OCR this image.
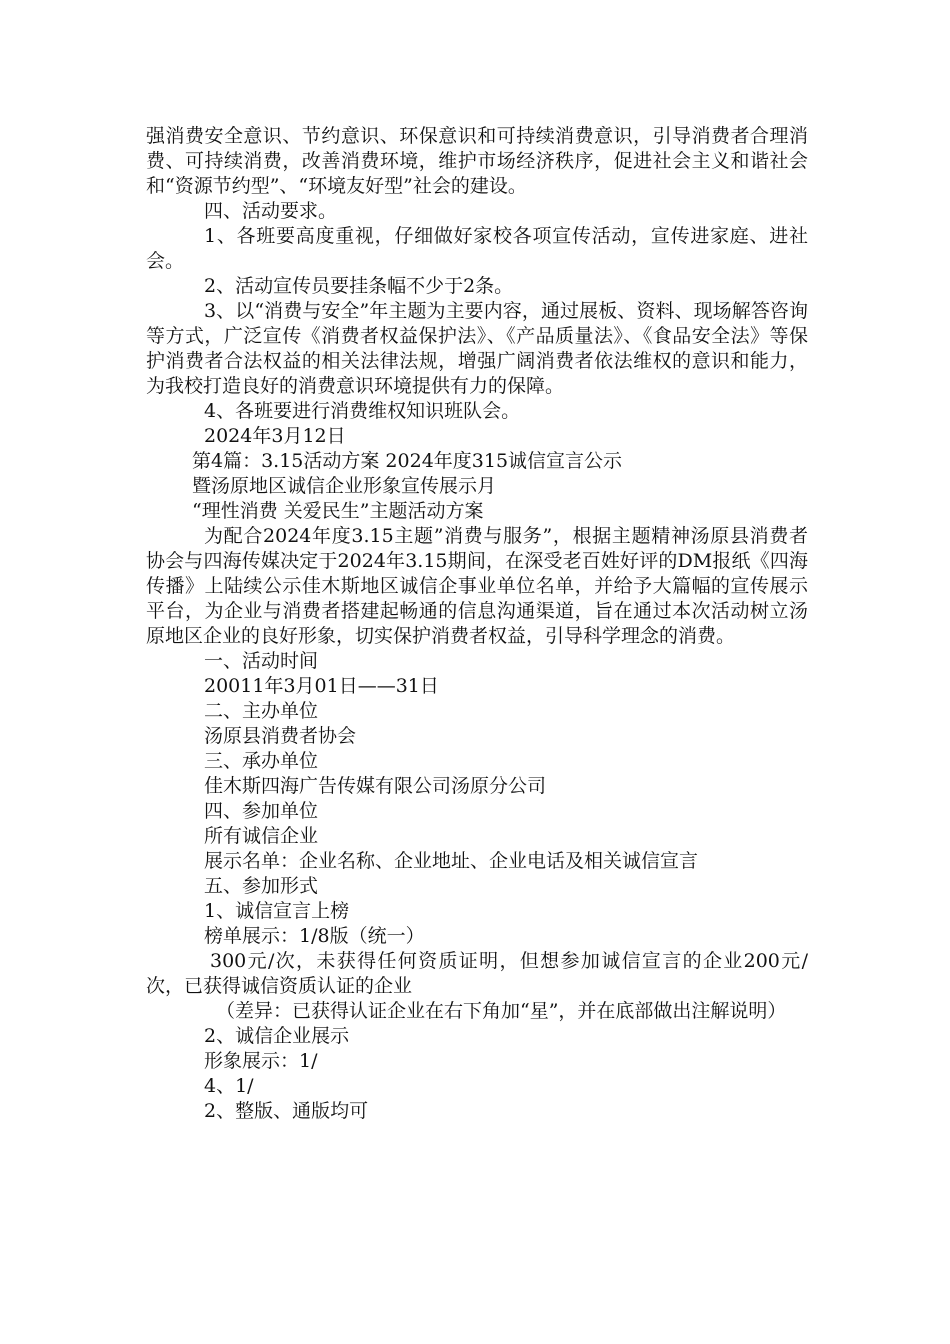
强消费安全意识、节约意识、环保意识和可持续消费意识，引导消费者合理消费、可持续消费，改善消费环境，维护市场经济秩序，促进社会主义和谐社会和“资源节约型”、“环境友好型”社会的建设。

四、活动要求。

1、各班要高度重视，仔细做好家校各项宣传活动，宣传进家庭、进社会。

2、活动宣传员要挂条幅不少于2条。

3、以“消费与安全”年主题为主要内容，通过展板、资料、现场解答咨询等方式，广泛宣传《消费者权益保护法》、《产品质量法》、《食品安全法》等保护消费者合法权益的相关法律法规，增强广阔消费者依法维权的意识和能力，为我校打造良好的消费意识环境提供有力的保障。

4、各班要进行消费维权知识班队会。

2024年3月12日

第4篇：3.15活动方案 2024年度315诚信宣言公示

暨汤原地区诚信企业形象宣传展示月

“理性消费 关爱民生”主题活动方案

为配合2024年度3.15主题”消费与服务”，根据主题精神汤原县消费者协会与四海传媒决定于2024年3.15期间，在深受老百姓好评的DM报纸《四海传播》上陆续公示佳木斯地区诚信企事业单位名单，并给予大篇幅的宣传展示平台，为企业与消费者搭建起畅通的信息沟通渠道，旨在通过本次活动树立汤原地区企业的良好形象，切实保护消费者权益，引导科学理念的消费。

一、活动时间

20011年3月01日——31日

二、主办单位

汤原县消费者协会

三、承办单位

佳木斯四海广告传媒有限公司汤原分公司

四、参加单位

所有诚信企业

展示名单：企业名称、企业地址、企业电话及相关诚信宣言

五、参加形式

1、诚信宣言上榜

榜单展示：1/8版（统一）

300元/次，未获得任何资质证明，但想参加诚信宣言的企业200元/次，已获得诚信资质认证的企业

（差异：已获得认证企业在右下角加“星”，并在底部做出注解说明）

2、诚信企业展示

形象展示：1/

4、1/

2、整版、通版均可
